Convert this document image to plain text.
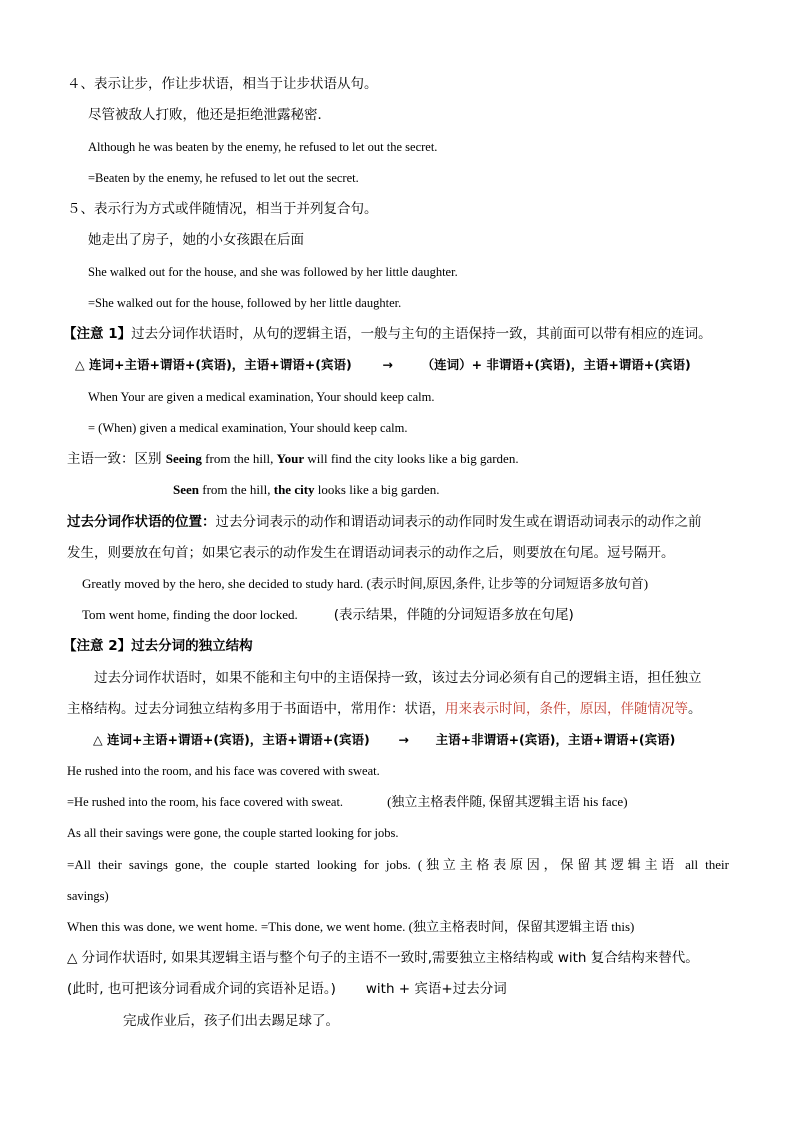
４、表示让步，作让步状语，相当于让步状语从句。
尽管被敌人打败，他还是拒绝泄露秘密．
Although he was beaten by the enemy, he refused to let out the secret.
=Beaten by the enemy, he refused to let out the secret.
５、表示行为方式或伴随情况，相当于并列复合句。
她走出了房子，她的小女孩跟在后面
She walked out for the house, and she was followed by her little daughter.
=She walked out for the house, followed by her little daughter.
【注意 1】过去分词作状语时，从句的逻辑主语，一般与主句的主语保持一致，其前面可以带有相应的连词。
△ 连词+主语+谓语+(宾语)，主语+谓语+(宾语) → （连词）+ 非谓语+(宾语)，主语+谓语+(宾语)
When Your are given a medical examination, Your should keep calm.
= (When) given a medical examination, Your should keep calm.
主语一致：区别 Seeing from the hill, Your will find the city looks like a big garden.
Seen from the hill, the city looks like a big garden.
过去分词作状语的位置：过去分词表示的动作和谓语动词表示的动作同时发生或在谓语动词表示的动作之前
发生，则要放在句首；如果它表示的动作发生在谓语动词表示的动作之后，则要放在句尾。逗号隔开。
Greatly moved by the hero, she decided to study hard. (表示时间,原因,条件, 让步等的分词短语多放句首)
Tom went home, finding the door locked.	(表示结果，伴随的分词短语多放在句尾)
【注意 2】过去分词的独立结构
过去分词作状语时，如果不能和主句中的主语保持一致，该过去分词必须有自己的逻辑主语，担任独立
主格结构。过去分词独立结构多用于书面语中，常用作：状语，用来表示时间，条件，原因，伴随情况等。
△ 连词+主语+谓语+(宾语)，主语+谓语+(宾语) → 主语+非谓语+(宾语)，主语+谓语+(宾语)
He rushed into the room, and his face was covered with sweat.
=He rushed into the room, his face covered with sweat.	(独立主格表伴随, 保留其逻辑主语 his face)
As all their savings were gone, the couple started looking for jobs.
=All their savings gone, the couple started looking for jobs. (独立主格表原因，保留其逻辑主语 all their
savings)
When this was done, we went home. =This done, we went home. (独立主格表时间，保留其逻辑主语 this)
△ 分词作状语时, 如果其逻辑主语与整个句子的主语不一致时,需要独立主格结构或 with 复合结构来替代。
(此时, 也可把该分词看成介词的宾语补足语。) with + 宾语+过去分词
完成作业后，孩子们出去踢足球了。
